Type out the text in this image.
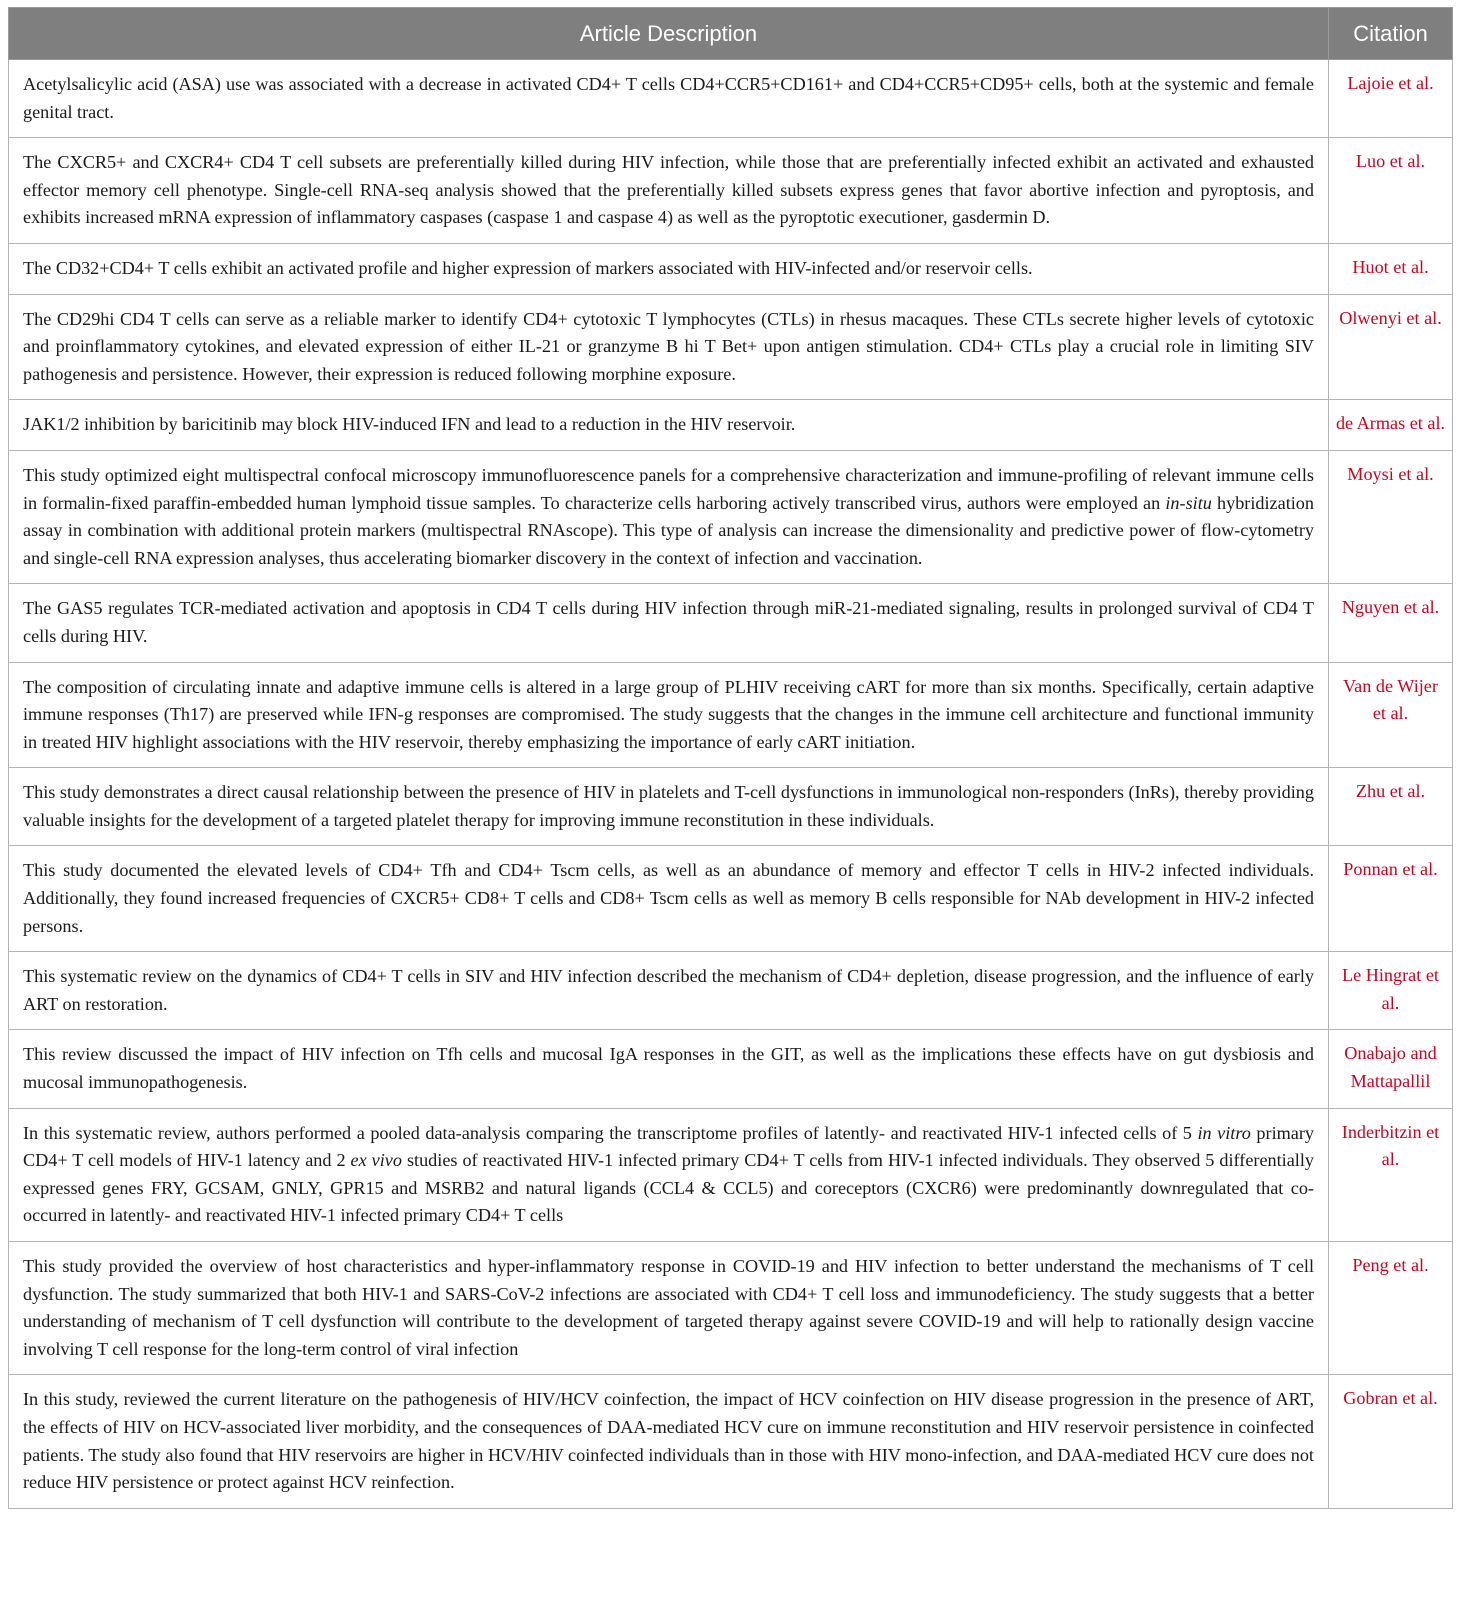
Article Description	Citation
Acetylsalicylic acid (ASA) use was associated with a decrease in activated CD4+ T cells CD4+CCR5+CD161+ and CD4+CCR5+CD95+ cells, both at the systemic and female genital tract.	Lajoie et al.
The CXCR5+ and CXCR4+ CD4 T cell subsets are preferentially killed during HIV infection, while those that are preferentially infected exhibit an activated and exhausted effector memory cell phenotype. Single-cell RNA-seq analysis showed that the preferentially killed subsets express genes that favor abortive infection and pyroptosis, and exhibits increased mRNA expression of inflammatory caspases (caspase 1 and caspase 4) as well as the pyroptotic executioner, gasdermin D.	Luo et al.
The CD32+CD4+ T cells exhibit an activated profile and higher expression of markers associated with HIV-infected and/or reservoir cells.	Huot et al.
The CD29hi CD4 T cells can serve as a reliable marker to identify CD4+ cytotoxic T lymphocytes (CTLs) in rhesus macaques. These CTLs secrete higher levels of cytotoxic and proinflammatory cytokines, and elevated expression of either IL-21 or granzyme B hi T Bet+ upon antigen stimulation. CD4+ CTLs play a crucial role in limiting SIV pathogenesis and persistence. However, their expression is reduced following morphine exposure.	Olwenyi et al.
JAK1/2 inhibition by baricitinib may block HIV-induced IFN and lead to a reduction in the HIV reservoir.	de Armas et al.
This study optimized eight multispectral confocal microscopy immunofluorescence panels for a comprehensive characterization and immune-profiling of relevant immune cells in formalin-fixed paraffin-embedded human lymphoid tissue samples. To characterize cells harboring actively transcribed virus, authors were employed an in-situ hybridization assay in combination with additional protein markers (multispectral RNAscope). This type of analysis can increase the dimensionality and predictive power of flow-cytometry and single-cell RNA expression analyses, thus accelerating biomarker discovery in the context of infection and vaccination.	Moysi et al.
The GAS5 regulates TCR-mediated activation and apoptosis in CD4 T cells during HIV infection through miR-21-mediated signaling, results in prolonged survival of CD4 T cells during HIV.	Nguyen et al.
The composition of circulating innate and adaptive immune cells is altered in a large group of PLHIV receiving cART for more than six months. Specifically, certain adaptive immune responses (Th17) are preserved while IFN-g responses are compromised. The study suggests that the changes in the immune cell architecture and functional immunity in treated HIV highlight associations with the HIV reservoir, thereby emphasizing the importance of early cART initiation.	Van de Wijer et al.
This study demonstrates a direct causal relationship between the presence of HIV in platelets and T-cell dysfunctions in immunological non-responders (InRs), thereby providing valuable insights for the development of a targeted platelet therapy for improving immune reconstitution in these individuals.	Zhu et al.
This study documented the elevated levels of CD4+ Tfh and CD4+ Tscm cells, as well as an abundance of memory and effector T cells in HIV-2 infected individuals. Additionally, they found increased frequencies of CXCR5+ CD8+ T cells and CD8+ Tscm cells as well as memory B cells responsible for NAb development in HIV-2 infected persons.	Ponnan et al.
This systematic review on the dynamics of CD4+ T cells in SIV and HIV infection described the mechanism of CD4+ depletion, disease progression, and the influence of early ART on restoration.	Le Hingrat et al.
This review discussed the impact of HIV infection on Tfh cells and mucosal IgA responses in the GIT, as well as the implications these effects have on gut dysbiosis and mucosal immunopathogenesis.	Onabajo and Mattapallil
In this systematic review, authors performed a pooled data-analysis comparing the transcriptome profiles of latently- and reactivated HIV-1 infected cells of 5 in vitro primary CD4+ T cell models of HIV-1 latency and 2 ex vivo studies of reactivated HIV-1 infected primary CD4+ T cells from HIV-1 infected individuals. They observed 5 differentially expressed genes FRY, GCSAM, GNLY, GPR15 and MSRB2 and natural ligands (CCL4 & CCL5) and coreceptors (CXCR6) were predominantly downregulated that co-occurred in latently- and reactivated HIV-1 infected primary CD4+ T cells	Inderbitzin et al.
This study provided the overview of host characteristics and hyper-inflammatory response in COVID-19 and HIV infection to better understand the mechanisms of T cell dysfunction. The study summarized that both HIV-1 and SARS-CoV-2 infections are associated with CD4+ T cell loss and immunodeficiency. The study suggests that a better understanding of mechanism of T cell dysfunction will contribute to the development of targeted therapy against severe COVID-19 and will help to rationally design vaccine involving T cell response for the long-term control of viral infection	Peng et al.
In this study, reviewed the current literature on the pathogenesis of HIV/HCV coinfection, the impact of HCV coinfection on HIV disease progression in the presence of ART, the effects of HIV on HCV-associated liver morbidity, and the consequences of DAA-mediated HCV cure on immune reconstitution and HIV reservoir persistence in coinfected patients. The study also found that HIV reservoirs are higher in HCV/HIV coinfected individuals than in those with HIV mono-infection, and DAA-mediated HCV cure does not reduce HIV persistence or protect against HCV reinfection.	Gobran et al.
